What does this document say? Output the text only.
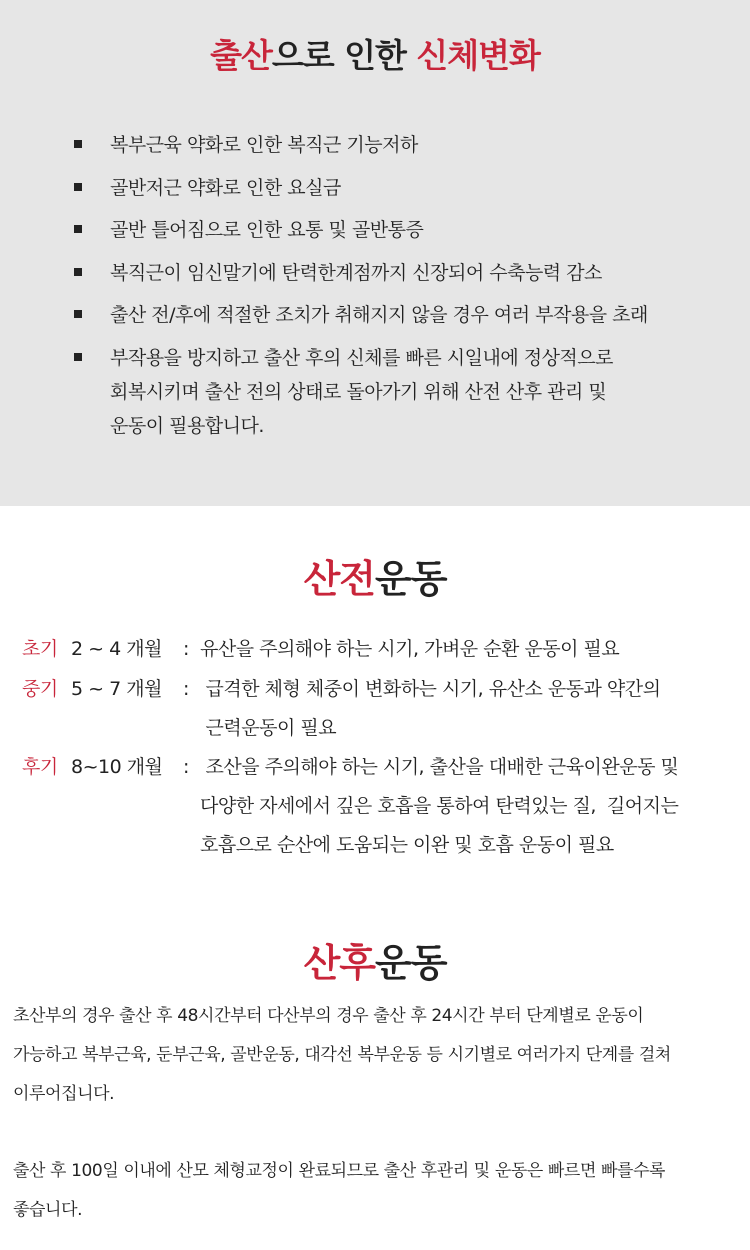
출산으로 인한 신체변화
복부근육 약화로 인한 복직근 기능저하
골반저근 약화로 인한 요실금
골반 틀어짐으로 인한 요통 및 골반통증
복직근이 임신말기에 탄력한계점까지 신장되어 수축능력 감소
출산 전/후에 적절한 조치가 취해지지 않을 경우 여러 부작용을 초래
부작용을 방지하고 출산 후의 신체를 빠른 시일내에 정상적으로
회복시키며 출산 전의 상태로 돌아가기 위해 산전 산후 관리 및
운동이 필용합니다.
산전운동
초기 2 ~ 4 개월 : 유산을 주의해야 하는 시기, 가벼운 순환 운동이 필요
중기 5 ~ 7 개월 : 급격한 체형 체중이 변화하는 시기, 유산소 운동과 약간의
근력운동이 필요
후기 8~10 개월 : 조산을 주의해야 하는 시기, 출산을 대배한 근육이완운동 및
다양한 자세에서 깊은 호흡을 통하여 탄력있는 질,  길어지는
호흡으로 순산에 도움되는 이완 및 호흡 운동이 필요
산후운동
초산부의 경우 출산 후 48시간부터 다산부의 경우 출산 후 24시간 부터 단계별로 운동이
가능하고 복부근육, 둔부근육, 골반운동, 대각선 복부운동 등 시기별로 여러가지 단계를 걸쳐
이루어집니다.
출산 후 100일 이내에 산모 체형교정이 완료되므로 출산 후관리 및 운동은 빠르면 빠를수록
좋습니다.
